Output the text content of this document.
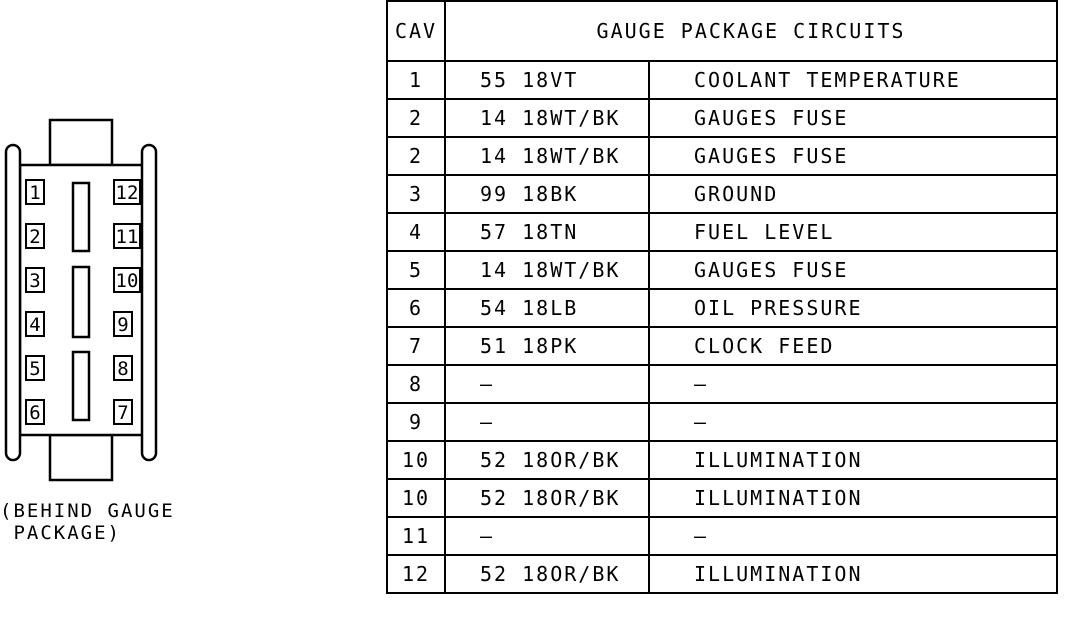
1
2
3
4
5
6
12
11
10
9
8
7
(BEHIND GAUGE
PACKAGE)
CAV	GAUGE PACKAGE CIRCUITS	
1	55 18VT	COOLANT TEMPERATURE
2	14 18WT/BK	GAUGES FUSE
2	14 18WT/BK	GAUGES FUSE
3	99 18BK	GROUND
4	57 18TN	FUEL LEVEL
5	14 18WT/BK	GAUGES FUSE
6	54 18LB	OIL PRESSURE
7	51 18PK	CLOCK FEED
8	—	—
9	—	—
10	52 18OR/BK	ILLUMINATION
10	52 18OR/BK	ILLUMINATION
11	—	—
12	52 18OR/BK	ILLUMINATION
